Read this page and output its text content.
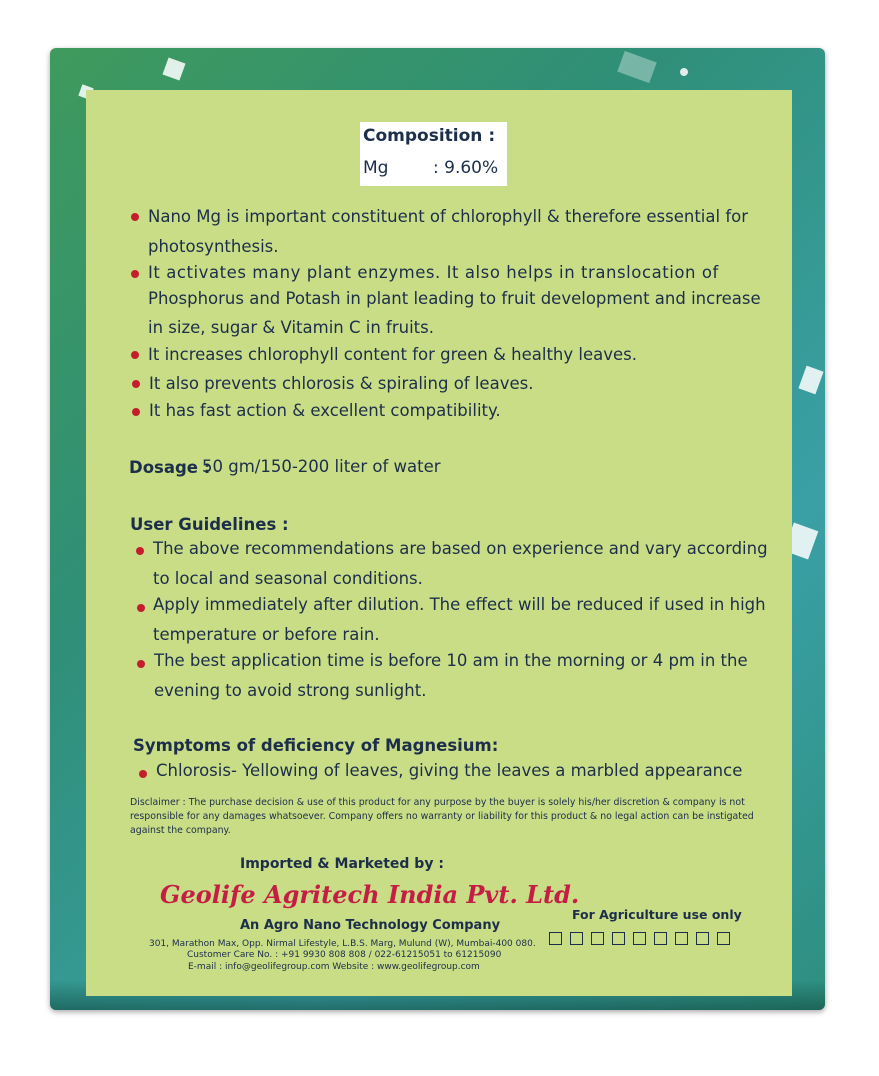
Composition :
Mg	: 9.60%
Nano Mg is important constituent of chlorophyll & therefore essential for
photosynthesis.
It activates many plant enzymes. It also helps in translocation of
Phosphorus and Potash in plant leading to fruit development and increase
in size, sugar & Vitamin C in fruits.
It increases chlorophyll content for green & healthy leaves.
It also prevents chlorosis & spiraling of leaves.
It has fast action & excellent compatibility.
Dosage :
50 gm/150-200 liter of water
User Guidelines :
The above recommendations are based on experience and vary according
to local and seasonal conditions.
Apply immediately after dilution. The effect will be reduced if used in high
temperature or before rain.
The best application time is before 10 am in the morning or 4 pm in the
evening to avoid strong sunlight.
Symptoms of deficiency of Magnesium:
Chlorosis- Yellowing of leaves, giving the leaves a marbled appearance
Disclaimer : The purchase decision & use of this product for any purpose by the buyer is solely his/her discretion & company is not responsible for any damages whatsoever. Company offers no warranty or liability for this product & no legal action can be instigated against the company.
Imported & Marketed by :
Geolife Agritech India Pvt. Ltd.
An Agro Nano Technology Company
301, Marathon Max, Opp. Nirmal Lifestyle, L.B.S. Marg, Mulund (W), Mumbai-400 080.
Customer Care No. : +91 9930 808 808 / 022-61215051 to 61215090
E-mail : info@geolifegroup.com Website : www.geolifegroup.com
For Agriculture use only
